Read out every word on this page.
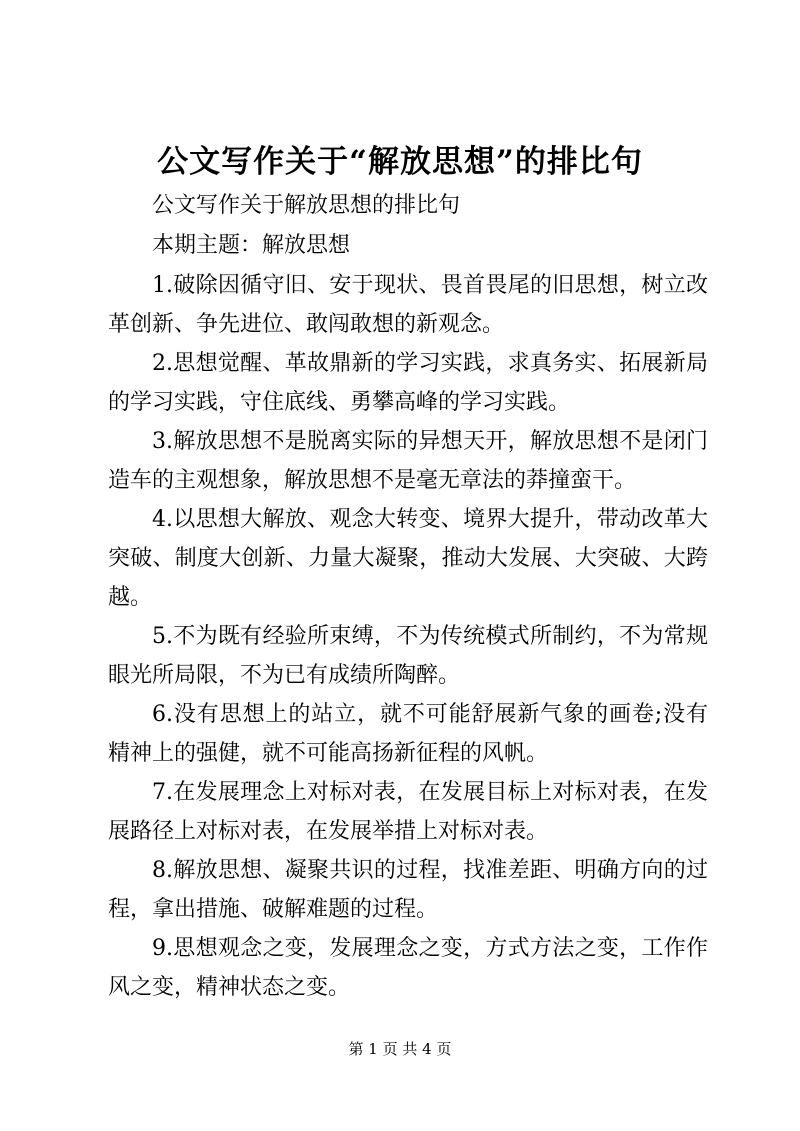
公文写作关于“解放思想”的排比句

公文写作关于解放思想的排比句

本期主题：解放思想

1.破除因循守旧、安于现状、畏首畏尾的旧思想，树立改革创新、争先进位、敢闯敢想的新观念。

2.思想觉醒、革故鼎新的学习实践，求真务实、拓展新局的学习实践，守住底线、勇攀高峰的学习实践。

3.解放思想不是脱离实际的异想天开，解放思想不是闭门造车的主观想象，解放思想不是毫无章法的莽撞蛮干。

4.以思想大解放、观念大转变、境界大提升，带动改革大突破、制度大创新、力量大凝聚，推动大发展、大突破、大跨越。

5.不为既有经验所束缚，不为传统模式所制约，不为常规眼光所局限，不为已有成绩所陶醉。

6.没有思想上的站立，就不可能舒展新气象的画卷;没有精神上的强健，就不可能高扬新征程的风帆。

7.在发展理念上对标对表，在发展目标上对标对表，在发展路径上对标对表，在发展举措上对标对表。

8.解放思想、凝聚共识的过程，找准差距、明确方向的过程，拿出措施、破解难题的过程。

9.思想观念之变，发展理念之变，方式方法之变，工作作风之变，精神状态之变。

第 1 页 共 4 页
